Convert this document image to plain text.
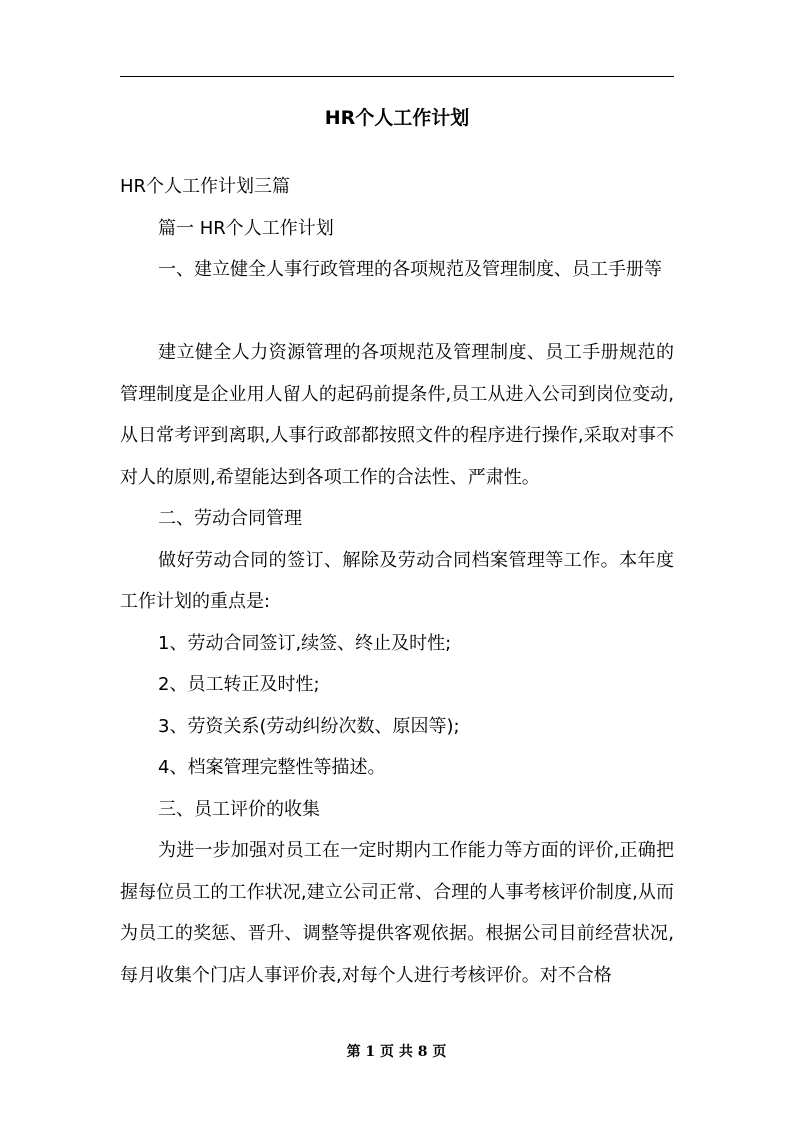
HR个人工作计划

HR个人工作计划三篇

篇一 HR个人工作计划

一、建立健全人事行政管理的各项规范及管理制度、员工手册等

建立健全人力资源管理的各项规范及管理制度、员工手册规范的管理制度是企业用人留人的起码前提条件,员工从进入公司到岗位变动,从日常考评到离职,人事行政部都按照文件的程序进行操作,采取对事不对人的原则,希望能达到各项工作的合法性、严肃性。

二、劳动合同管理

做好劳动合同的签订、解除及劳动合同档案管理等工作。本年度工作计划的重点是:

1、劳动合同签订,续签、终止及时性;

2、员工转正及时性;

3、劳资关系(劳动纠纷次数、原因等);

4、档案管理完整性等描述。

三、员工评价的收集

为进一步加强对员工在一定时期内工作能力等方面的评价,正确把握每位员工的工作状况,建立公司正常、合理的人事考核评价制度,从而为员工的奖惩、晋升、调整等提供客观依据。根据公司目前经营状况,每月收集个门店人事评价表,对每个人进行考核评价。对不合格

第 1 页 共 8 页
